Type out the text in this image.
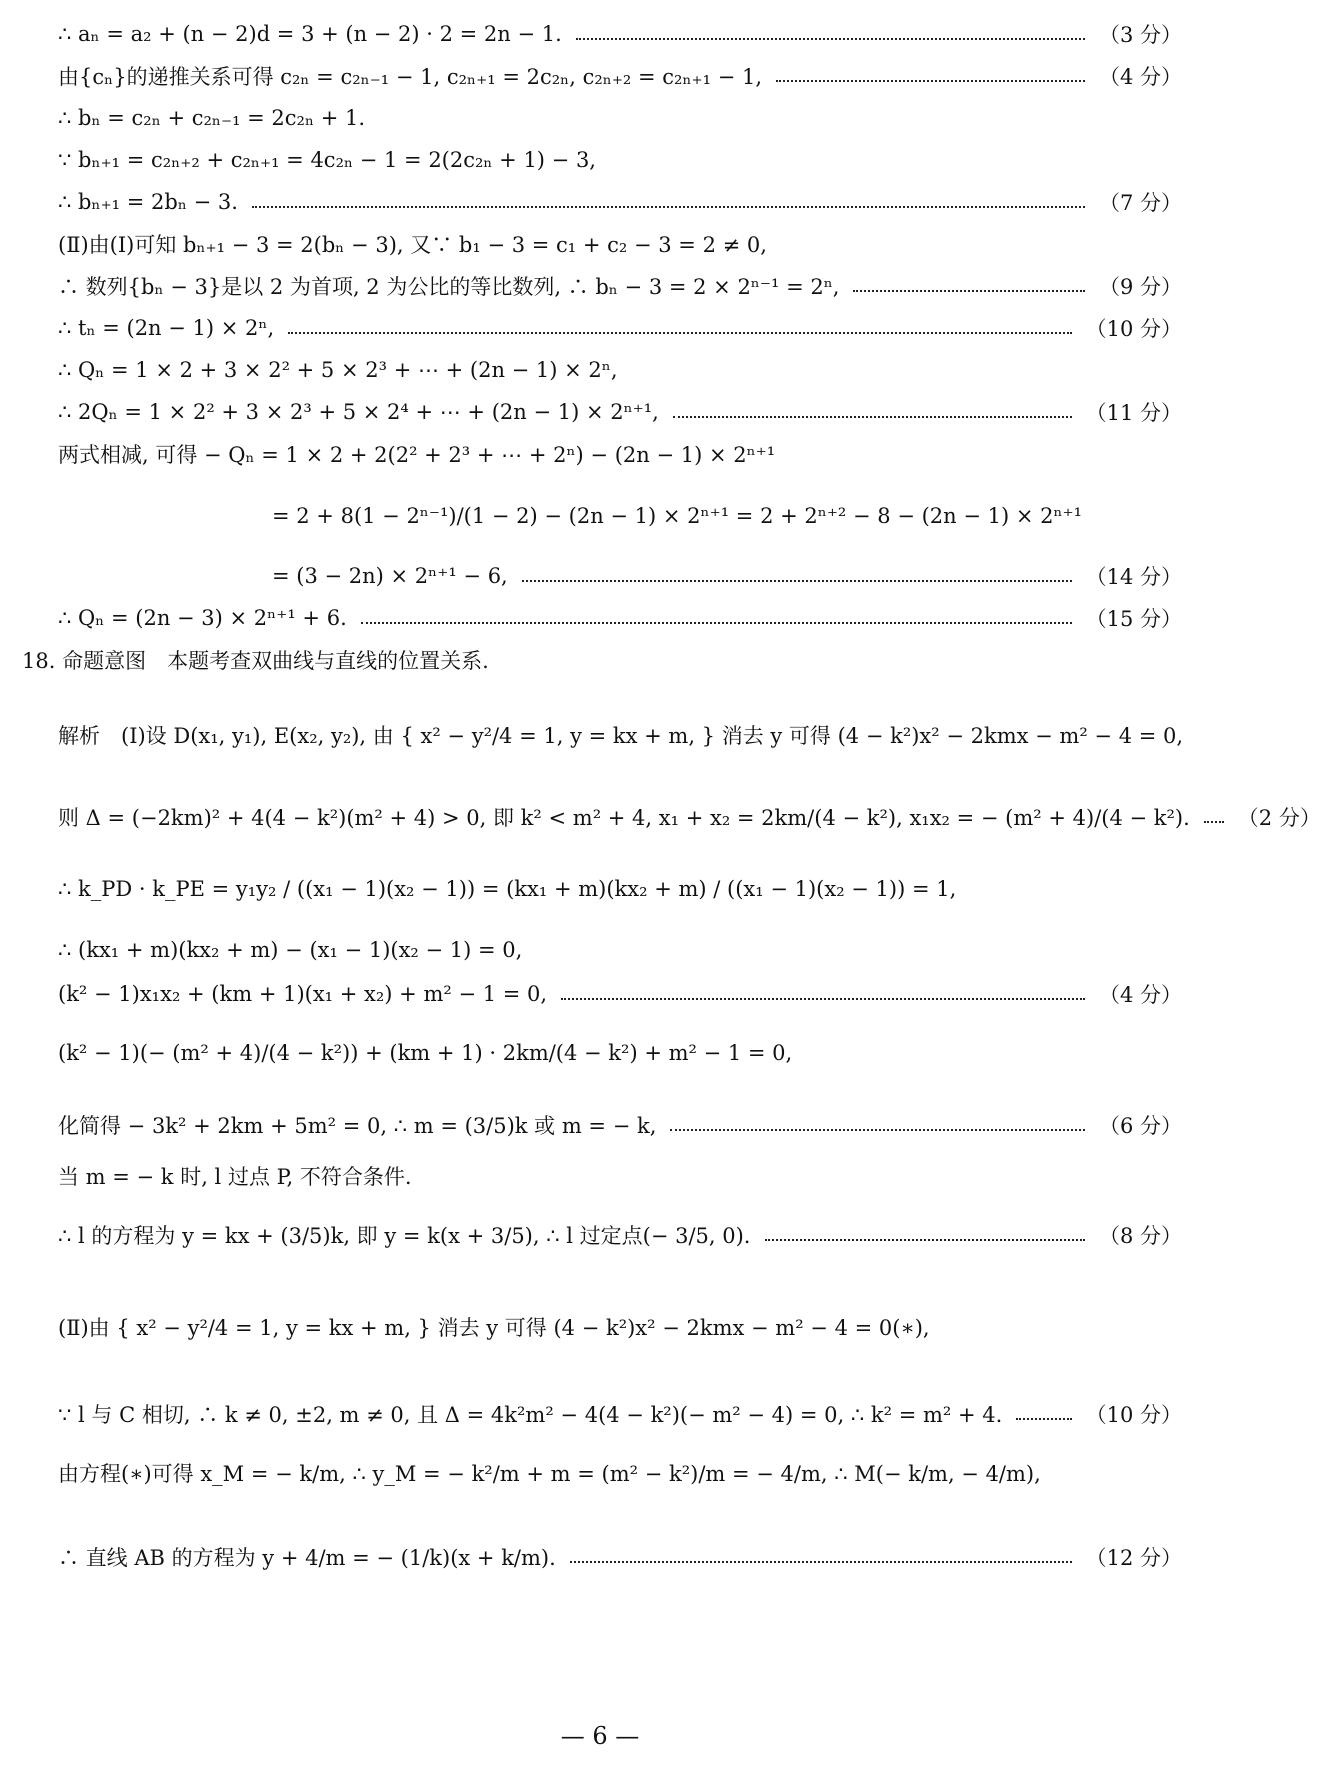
∴ aₙ = a₂ + (n − 2)d = 3 + (n − 2) · 2 = 2n − 1.	（3 分）
由{cₙ}的递推关系可得 c₂ₙ = c₂ₙ₋₁ − 1, c₂ₙ₊₁ = 2c₂ₙ, c₂ₙ₊₂ = c₂ₙ₊₁ − 1,	（4 分）
∴ bₙ = c₂ₙ + c₂ₙ₋₁ = 2c₂ₙ + 1.
∵ bₙ₊₁ = c₂ₙ₊₂ + c₂ₙ₊₁ = 4c₂ₙ − 1 = 2(2c₂ₙ + 1) − 3,
∴ bₙ₊₁ = 2bₙ − 3.	（7 分）
(Ⅱ)由(Ⅰ)可知 bₙ₊₁ − 3 = 2(bₙ − 3), 又∵ b₁ − 3 = c₁ + c₂ − 3 = 2 ≠ 0,
∴ 数列{bₙ − 3}是以 2 为首项, 2 为公比的等比数列, ∴ bₙ − 3 = 2 × 2ⁿ⁻¹ = 2ⁿ,	（9 分）
∴ tₙ = (2n − 1) × 2ⁿ,	（10 分）
∴ Qₙ = 1 × 2 + 3 × 2² + 5 × 2³ + ⋯ + (2n − 1) × 2ⁿ,
∴ 2Qₙ = 1 × 2² + 3 × 2³ + 5 × 2⁴ + ⋯ + (2n − 1) × 2ⁿ⁺¹,	（11 分）
两式相减, 可得 − Qₙ = 1 × 2 + 2(2² + 2³ + ⋯ + 2ⁿ) − (2n − 1) × 2ⁿ⁺¹
= 2 + 8(1 − 2ⁿ⁻¹)/(1 − 2) − (2n − 1) × 2ⁿ⁺¹ = 2 + 2ⁿ⁺² − 8 − (2n − 1) × 2ⁿ⁺¹
= (3 − 2n) × 2ⁿ⁺¹ − 6,	（14 分）
∴ Qₙ = (2n − 3) × 2ⁿ⁺¹ + 6.	（15 分）
18. 命题意图　本题考查双曲线与直线的位置关系.
解析　(Ⅰ)设 D(x₁, y₁), E(x₂, y₂), 由 { x² − y²/4 = 1, y = kx + m, } 消去 y 可得 (4 − k²)x² − 2kmx − m² − 4 = 0,
则 Δ = (−2km)² + 4(4 − k²)(m² + 4) > 0, 即 k² < m² + 4, x₁ + x₂ = 2km/(4 − k²), x₁x₂ = − (m² + 4)/(4 − k²). （2 分）
∴ k_PD · k_PE = y₁y₂ / ((x₁ − 1)(x₂ − 1)) = (kx₁ + m)(kx₂ + m) / ((x₁ − 1)(x₂ − 1)) = 1,
∴ (kx₁ + m)(kx₂ + m) − (x₁ − 1)(x₂ − 1) = 0,
(k² − 1)x₁x₂ + (km + 1)(x₁ + x₂) + m² − 1 = 0,	（4 分）
(k² − 1)(− (m² + 4)/(4 − k²)) + (km + 1) · 2km/(4 − k²) + m² − 1 = 0,
化简得 − 3k² + 2km + 5m² = 0, ∴ m = (3/5)k 或 m = − k,	（6 分）
当 m = − k 时, l 过点 P, 不符合条件.
∴ l 的方程为 y = kx + (3/5)k, 即 y = k(x + 3/5), ∴ l 过定点(− 3/5, 0).	（8 分）
(Ⅱ)由 { x² − y²/4 = 1, y = kx + m, } 消去 y 可得 (4 − k²)x² − 2kmx − m² − 4 = 0(∗),
∵ l 与 C 相切, ∴ k ≠ 0, ±2, m ≠ 0, 且 Δ = 4k²m² − 4(4 − k²)(− m² − 4) = 0, ∴ k² = m² + 4.	（10 分）
由方程(∗)可得 x_M = − k/m, ∴ y_M = − k²/m + m = (m² − k²)/m = − 4/m, ∴ M(− k/m, − 4/m),
∴ 直线 AB 的方程为 y + 4/m = − (1/k)(x + k/m).	（12 分）
— 6 —
